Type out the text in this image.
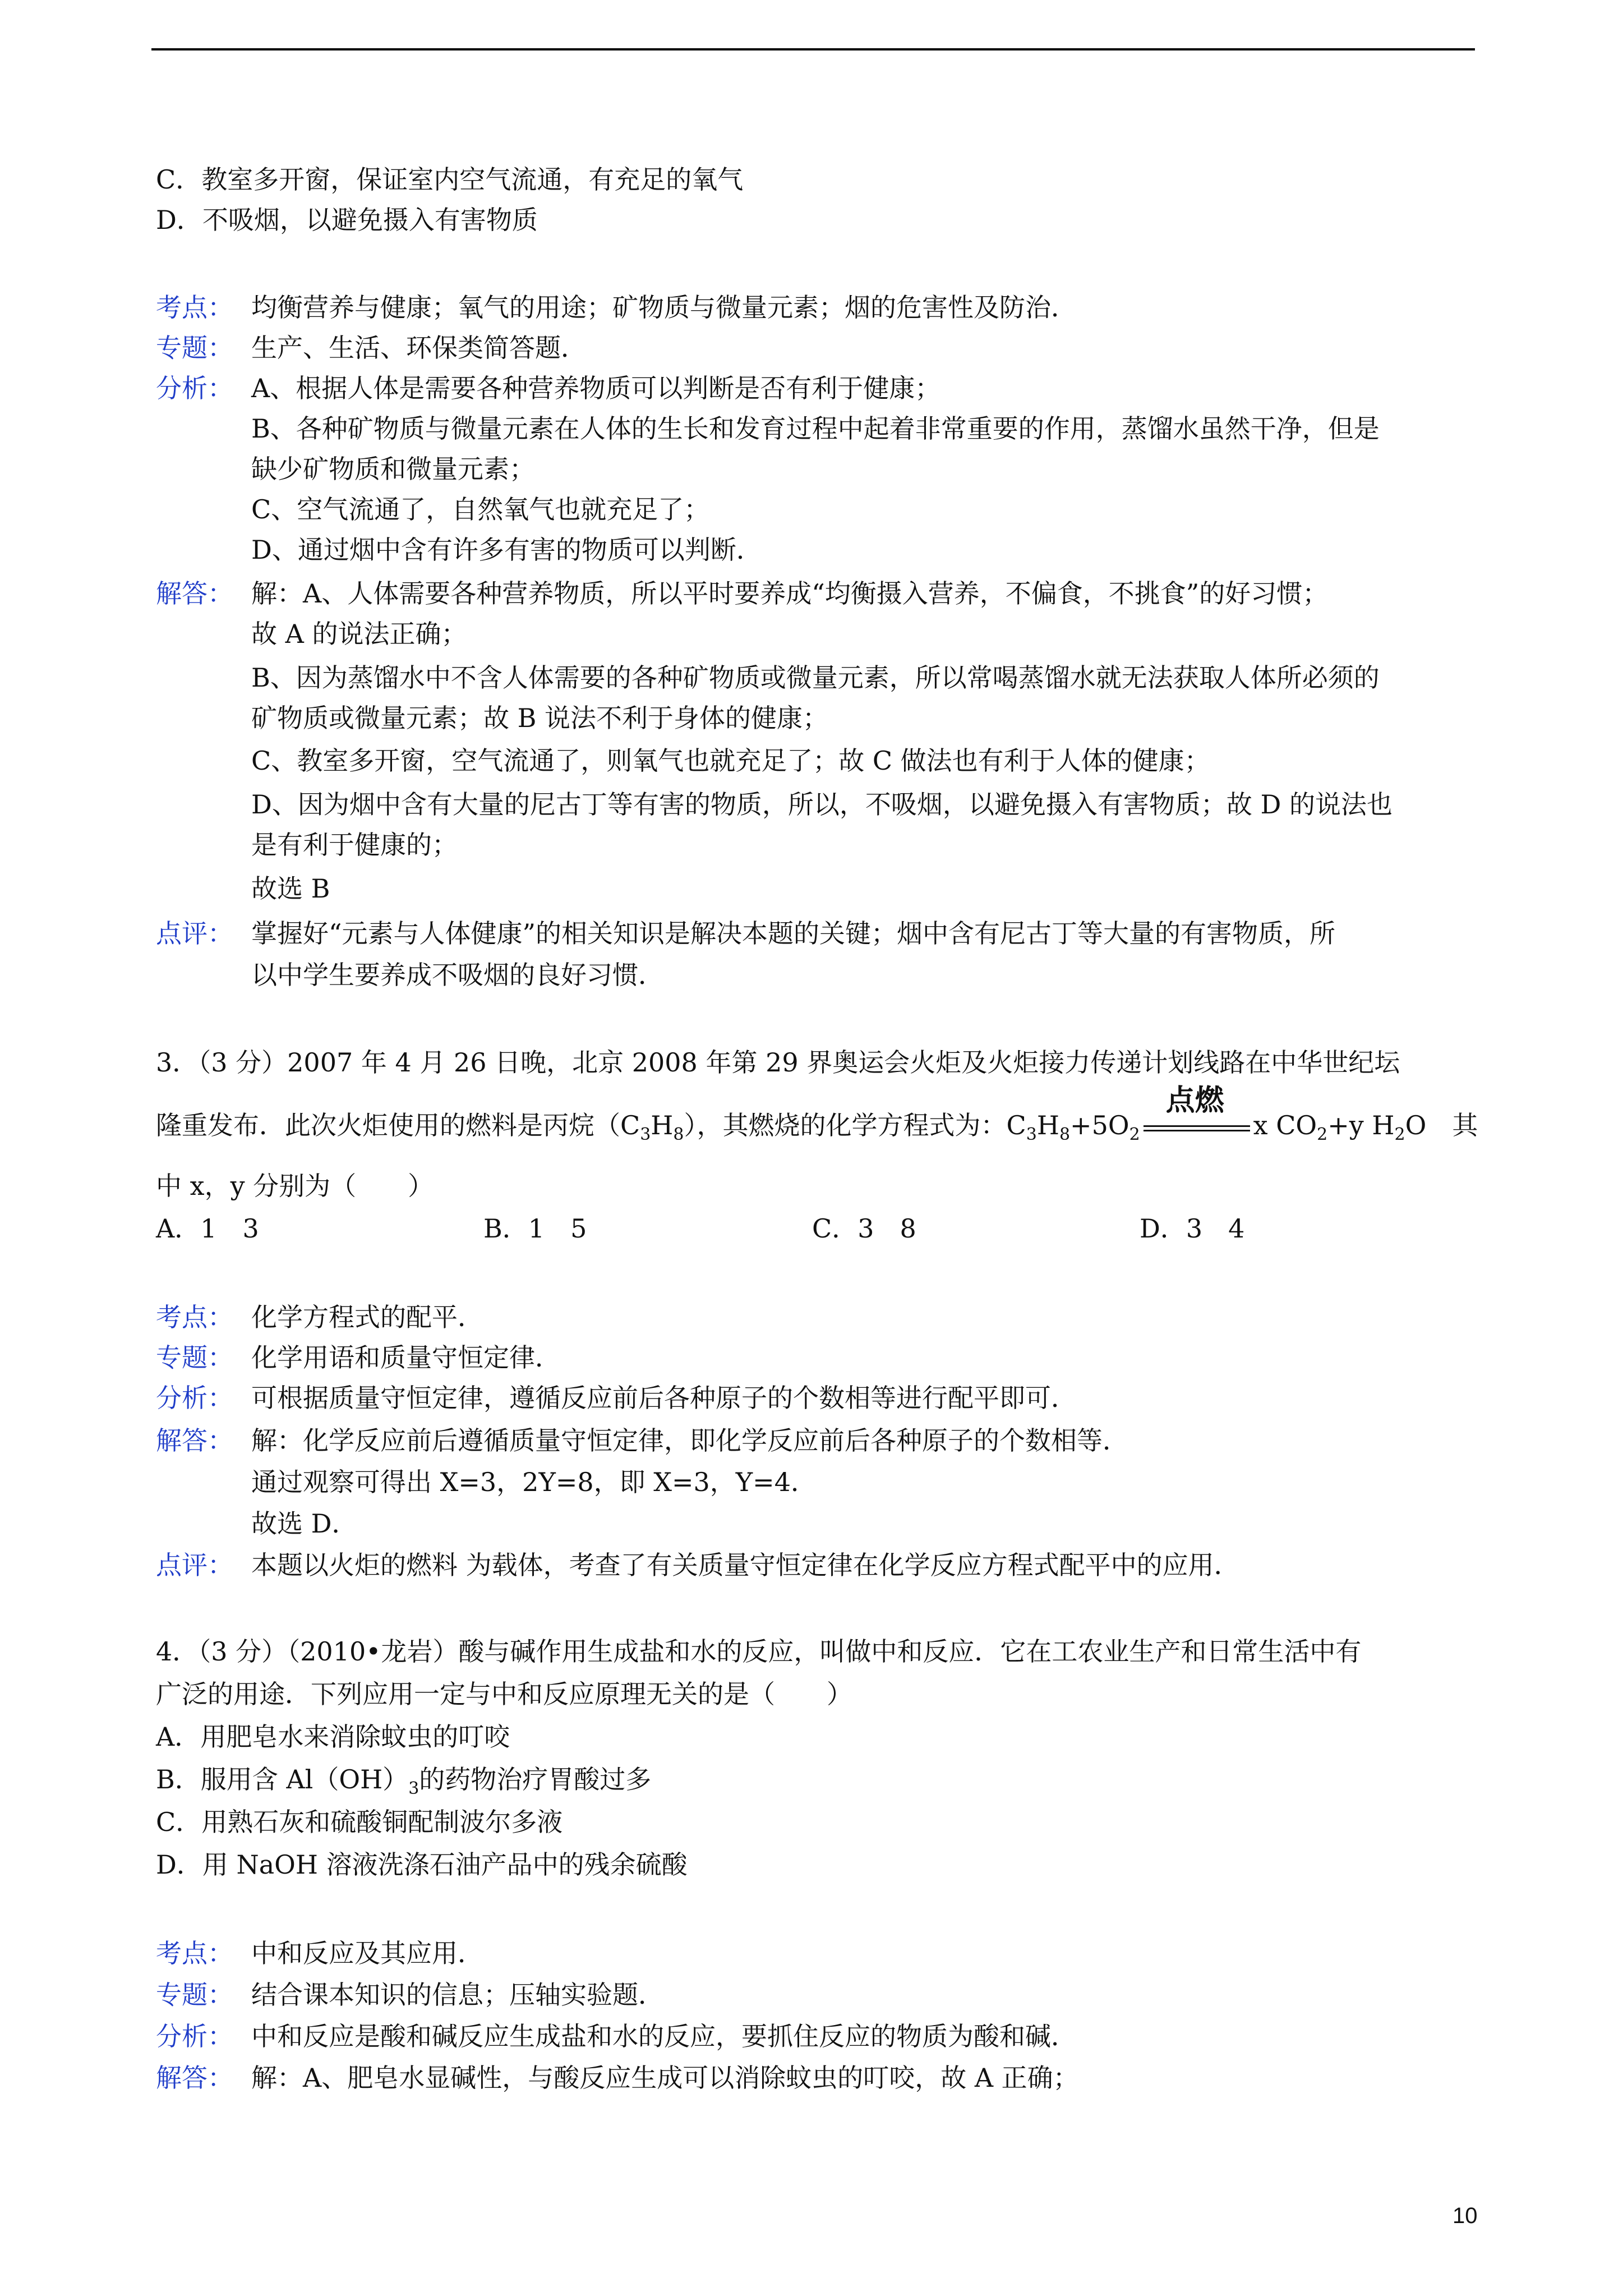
C．教室多开窗，保证室内空气流通，有充足的氧气
D．不吸烟，以避免摄入有害物质
考点： 均衡营养与健康；氧气的用途；矿物质与微量元素；烟的危害性及防治．
专题： 生产、生活、环保类简答题．
分析： A、根据人体是需要各种营养物质可以判断是否有利于健康；
B、各种矿物质与微量元素在人体的生长和发育过程中起着非常重要的作用，蒸馏水虽然干净，但是
缺少矿物质和微量元素；
C、空气流通了，自然氧气也就充足了；
D、通过烟中含有许多有害的物质可以判断．
解答： 解：A、人体需要各种营养物质，所以平时要养成“均衡摄入营养，不偏食，不挑食”的好习惯；
故 A 的说法正确；
B、因为蒸馏水中不含人体需要的各种矿物质或微量元素，所以常喝蒸馏水就无法获取人体所必须的
矿物质或微量元素；故 B 说法不利于身体的健康；
C、教室多开窗，空气流通了，则氧气也就充足了；故 C 做法也有利于人体的健康；
D、因为烟中含有大量的尼古丁等有害的物质，所以，不吸烟，以避免摄入有害物质；故 D 的说法也
是有利于健康的；
故选 B
点评： 掌握好“元素与人体健康”的相关知识是解决本题的关键；烟中含有尼古丁等大量的有害物质，所
以中学生要养成不吸烟的良好习惯．
3．（3 分）2007 年 4 月 26 日晚，北京 2008 年第 29 界奥运会火炬及火炬接力传递计划线路在中华世纪坛
隆重发布．此次火炬使用的燃料是丙烷$(C_3H_8)$，其燃烧的化学方程式为：$C_3H_8+5O_2$
点燃
x $CO_2+y$ $H_2O$　其
中 x，y 分别为（　　）
A．1　3	B．1　5	C．3　8	D．3　4
考点： 化学方程式的配平．
专题： 化学用语和质量守恒定律．
分析： 可根据质量守恒定律，遵循反应前后各种原子的个数相等进行配平即可．
解答： 解：化学反应前后遵循质量守恒定律，即化学反应前后各种原子的个数相等．
通过观察可得出 X=3，2Y=8，即 X=3，Y=4．
故选 D．
点评： 本题以火炬的燃料 为载体，考查了有关质量守恒定律在化学反应方程式配平中的应用．
4．（3 分）（2010•龙岩）酸与碱作用生成盐和水的反应，叫做中和反应．它在工农业生产和日常生活中有
广泛的用途．下列应用一定与中和反应原理无关的是（　　）
A．用肥皂水来消除蚊虫的叮咬
B．服用含 $Al(OH)_3$的药物治疗胃酸过多
C．用熟石灰和硫酸铜配制波尔多液
D．用 NaOH 溶液洗涤石油产品中的残余硫酸
考点： 中和反应及其应用．
专题： 结合课本知识的信息；压轴实验题．
分析： 中和反应是酸和碱反应生成盐和水的反应，要抓住反应的物质为酸和碱．
解答： 解：A、肥皂水显碱性，与酸反应生成可以消除蚊虫的叮咬，故 A 正确；
10
